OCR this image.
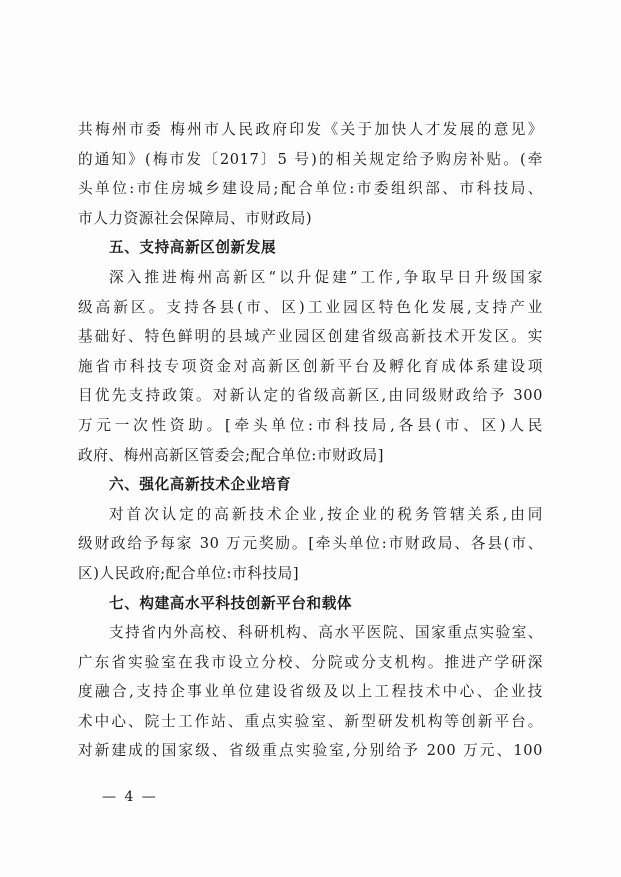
共梅州市委 梅州市人民政府印发《关于加快人才发展的意见》
的通知》(梅市发〔2017〕5 号)的相关规定给予购房补贴。(牵
头单位:市住房城乡建设局;配合单位:市委组织部、市科技局、
市人力资源社会保障局、市财政局)
五、支持高新区创新发展
深入推进梅州高新区“以升促建”工作,争取早日升级国家
级高新区。支持各县(市、区)工业园区特色化发展,支持产业
基础好、特色鲜明的县域产业园区创建省级高新技术开发区。实
施省市科技专项资金对高新区创新平台及孵化育成体系建设项
目优先支持政策。对新认定的省级高新区,由同级财政给予 300
万元一次性资助。[牵头单位:市科技局,各县(市、区)人民
政府、梅州高新区管委会;配合单位:市财政局]
六、强化高新技术企业培育
对首次认定的高新技术企业,按企业的税务管辖关系,由同
级财政给予每家 30 万元奖励。[牵头单位:市财政局、各县(市、
区)人民政府;配合单位:市科技局]
七、构建高水平科技创新平台和载体
支持省内外高校、科研机构、高水平医院、国家重点实验室、
广东省实验室在我市设立分校、分院或分支机构。推进产学研深
度融合,支持企事业单位建设省级及以上工程技术中心、企业技
术中心、院士工作站、重点实验室、新型研发机构等创新平台。
对新建成的国家级、省级重点实验室,分别给予 200 万元、100
— 4 —
